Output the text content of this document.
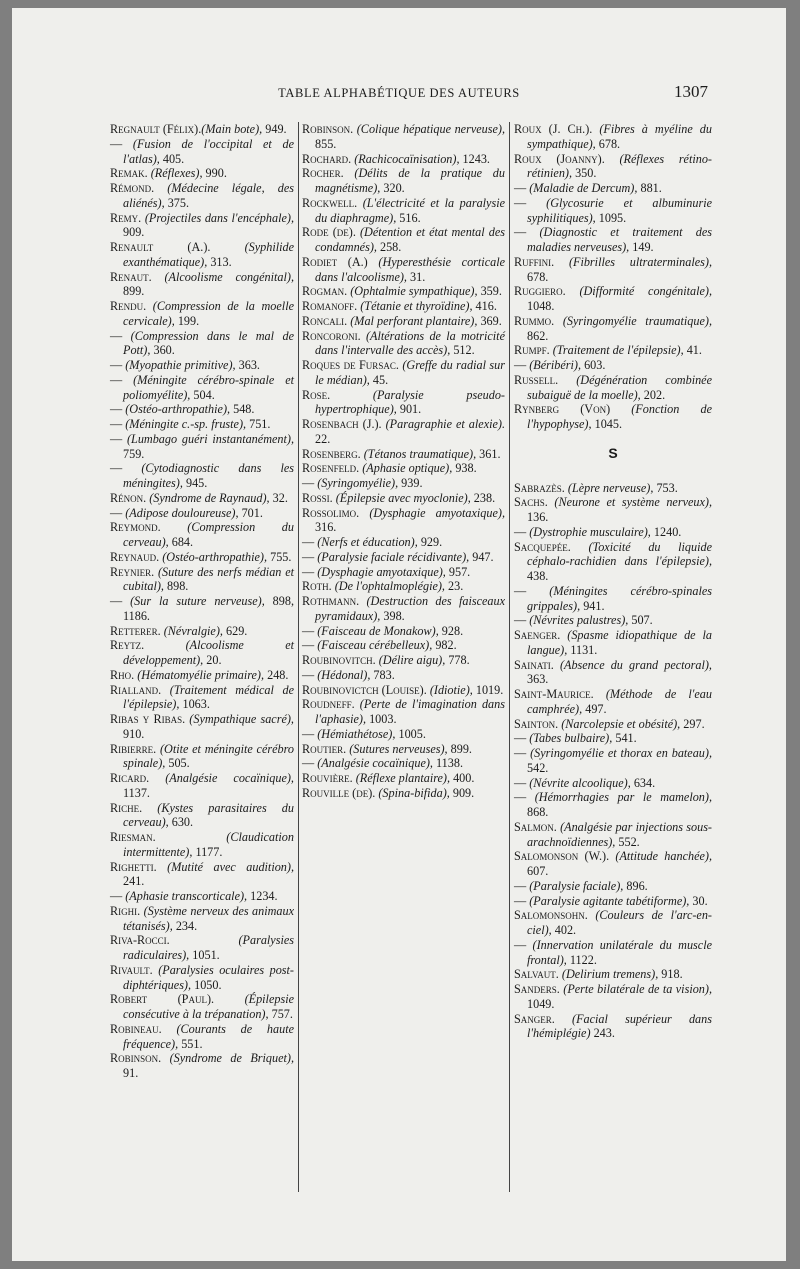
TABLE ALPHABÉTIQUE DES AUTEURS	1307

Regnault (Félix).(Main bote), 949.

— (Fusion de l'occipital et de l'atlas), 405.

Remak. (Réflexes), 990.

Rémond. (Médecine légale, des aliénés), 375.

Remy. (Projectiles dans l'encéphale), 909.

Renault (A.). (Syphilide exanthématique), 313.

Renaut. (Alcoolisme congénital), 899.

Rendu. (Compression de la moelle cervicale), 199.

— (Compression dans le mal de Pott), 360.

— (Myopathie primitive), 363.

— (Méningite cérébro-spinale et poliomyélite), 504.

— (Ostéo-arthropathie), 548.

— (Méningite c.-sp. fruste), 751.

— (Lumbago guéri instantanément), 759.

— (Cytodiagnostic dans les méningites), 945.

Rénon. (Syndrome de Raynaud), 32.

— (Adipose douloureuse), 701.

Reymond. (Compression du cerveau), 684.

Reynaud. (Ostéo-arthropathie), 755.

Reynier. (Suture des nerfs médian et cubital), 898.

— (Sur la suture nerveuse), 898, 1186.

Retterer. (Névralgie), 629.

Reytz. (Alcoolisme et développement), 20.

Rho. (Hématomyélie primaire), 248.

Rialland. (Traitement médical de l'épilepsie), 1063.

Ribas y Ribas. (Sympathique sacré), 910.

Ribierre. (Otite et méningite cérébro spinale), 505.

Ricard. (Analgésie cocaïnique), 1137.

Riche. (Kystes parasitaires du cerveau), 630.

Riesman. (Claudication intermittente), 1177.

Righetti. (Mutité avec audition), 241.

— (Aphasie transcorticale), 1234.

Righi. (Système nerveux des animaux tétanisés), 234.

Riva-Rocci. (Paralysies radiculaires), 1051.

Rivault. (Paralysies oculaires post-diphtériques), 1050.

Robert (Paul). (Épilepsie consécutive à la trépanation), 757.

Robineau. (Courants de haute fréquence), 551.

Robinson. (Syndrome de Briquet), 91.

Robinson. (Colique hépatique nerveuse), 855.

Rochard. (Rachicocaïnisation), 1243.

Rocher. (Délits de la pratique du magnétisme), 320.

Rockwell. (L'électricité et la paralysie du diaphragme), 516.

Rode (de). (Détention et état mental des condamnés), 258.

Rodiet (A.) (Hyperesthésie corticale dans l'alcoolisme), 31.

Rogman. (Ophtalmie sympathique), 359.

Romanoff. (Tétanie et thyroïdine), 416.

Roncali. (Mal perforant plantaire), 369.

Roncoroni. (Altérations de la motricité dans l'intervalle des accès), 512.

Roques de Fursac. (Greffe du radial sur le médian), 45.

Rose. (Paralysie pseudo-hypertrophique), 901.

Rosenbach (J.). (Paragraphie et alexie). 22.

Rosenberg. (Tétanos traumatique), 361.

Rosenfeld. (Aphasie optique), 938.

— (Syringomyélie), 939.

Rossi. (Épilepsie avec myoclonie), 238.

Rossolimo. (Dysphagie amyotaxique), 316.

— (Nerfs et éducation), 929.

— (Paralysie faciale récidivante), 947.

— (Dysphagie amyotaxique), 957.

Roth. (De l'ophtalmoplégie), 23.

Rothmann. (Destruction des faisceaux pyramidaux), 398.

— (Faisceau de Monakow), 928.

— (Faisceau cérébelleux), 982.

Roubinovitch. (Délire aigu), 778.

— (Hédonal), 783.

Roubinovictch (Louise). (Idiotie), 1019.

Roudneff. (Perte de l'imagination dans l'aphasie), 1003.

— (Hémiathétose), 1005.

Routier. (Sutures nerveuses), 899.

— (Analgésie cocaïnique), 1138.

Rouvière. (Réflexe plantaire), 400.

Rouville (de). (Spina-bifida), 909.

Roux (J. Ch.). (Fibres à myéline du sympathique), 678.

Roux (Joanny). (Réflexes rétino-rétinien), 350.

— (Maladie de Dercum), 881.

— (Glycosurie et albuminurie syphilitiques), 1095.

— (Diagnostic et traitement des maladies nerveuses), 149.

Ruffini. (Fibrilles ultraterminales), 678.

Ruggiero. (Difformité congénitale), 1048.

Rummo. (Syringomyélie traumatique), 862.

Rumpf. (Traitement de l'épilepsie), 41.

— (Béribéri), 603.

Russell. (Dégénération combinée subaiguë de la moelle), 202.

Rynberg (Von) (Fonction de l'hypophyse), 1045.

S

Sabrazès. (Lèpre nerveuse), 753.

Sachs. (Neurone et système nerveux), 136.

— (Dystrophie musculaire), 1240.

Sacquepée. (Toxicité du liquide céphalo-rachidien dans l'épilepsie), 438.

— (Méningites cérébro-spinales grippales), 941.

— (Névrites palustres), 507.

Saenger. (Spasme idiopathique de la langue), 1131.

Sainati. (Absence du grand pectoral), 363.

Saint-Maurice. (Méthode de l'eau camphrée), 497.

Sainton. (Narcolepsie et obésité), 297.

— (Tabes bulbaire), 541.

— (Syringomyélie et thorax en bateau), 542.

— (Névrite alcoolique), 634.

— (Hémorrhagies par le mamelon), 868.

Salmon. (Analgésie par injections sous-arachnoïdiennes), 552.

Salomonson (W.). (Attitude hanchée), 607.

— (Paralysie faciale), 896.

— (Paralysie agitante tabétiforme), 30.

Salomonsohn. (Couleurs de l'arc-en-ciel), 402.

— (Innervation unilatérale du muscle frontal), 1122.

Salvaut. (Delirium tremens), 918.

Sanders. (Perte bilatérale de ta vision), 1049.

Sanger. (Facial supérieur dans l'hémiplégie) 243.
